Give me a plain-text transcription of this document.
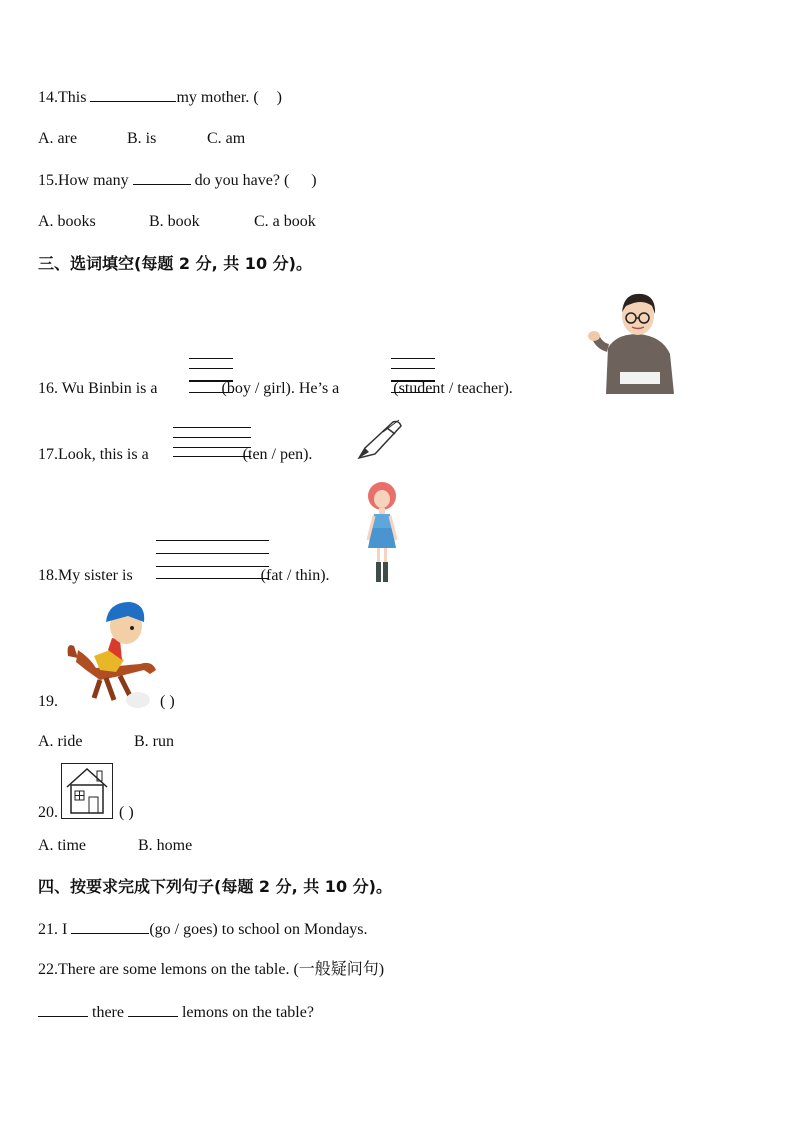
14.This	my mother. ( )
A. are	B. is	C. am
15.How many	do you have? ( )
A. books	B. book	C. a book
三、选词填空(每题 2 分, 共 10 分)。
16. Wu Binbin is a	(boy / girl). He’s a	(student / teacher).
17.Look, this is a	(ten / pen).
18.My sister is	(fat / thin).
19.	( )
A. ride	B. run
20.	( )
A. time	B. home
四、按要求完成下列句子(每题 2 分, 共 10 分)。
21. I	(go / goes) to school on Mondays.
22.There are some lemons on the table. (一般疑问句)
there	lemons on the table?
